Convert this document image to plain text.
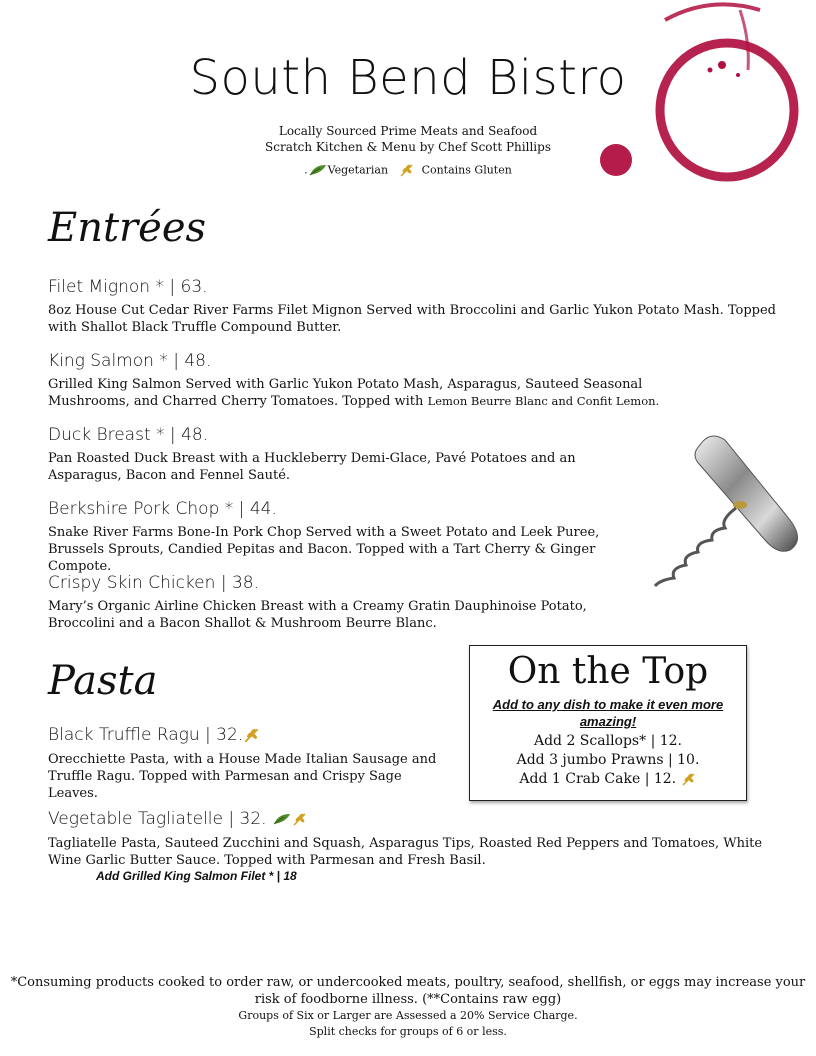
South Bend Bistro
Locally Sourced Prime Meats and Seafood
Scratch Kitchen & Menu by Chef Scott Phillips
. Vegetarian	Contains Gluten
Entrées
Filet Mignon * | 63.
8oz House Cut Cedar River Farms Filet Mignon Served with Broccolini and Garlic Yukon Potato Mash. Topped with Shallot Black Truffle Compound Butter.
King Salmon * | 48.
Grilled King Salmon Served with Garlic Yukon Potato Mash, Asparagus, Sauteed Seasonal Mushrooms, and Charred Cherry Tomatoes. Topped with Lemon Beurre Blanc and Confit Lemon.
Duck Breast * | 48.
Pan Roasted Duck Breast with a Huckleberry Demi-Glace, Pavé Potatoes and an Asparagus, Bacon and Fennel Sauté.
Berkshire Pork Chop * | 44.
Snake River Farms Bone-In Pork Chop Served with a Sweet Potato and Leek Puree, Brussels Sprouts, Candied Pepitas and Bacon. Topped with a Tart Cherry & Ginger Compote.
Crispy Skin Chicken | 38.
Mary’s Organic Airline Chicken Breast with a Creamy Gratin Dauphinoise Potato, Broccolini and a Bacon Shallot & Mushroom Beurre Blanc.
Pasta
Black Truffle Ragu | 32.
Orecchiette Pasta, with a House Made Italian Sausage and Truffle Ragu. Topped with Parmesan and Crispy Sage Leaves.
Vegetable Tagliatelle | 32.
Tagliatelle Pasta, Sauteed Zucchini and Squash, Asparagus Tips, Roasted Red Peppers and Tomatoes, White Wine Garlic Butter Sauce. Topped with Parmesan and Fresh Basil.
Add Grilled King Salmon Filet * | 18
On the Top
Add to any dish to make it even more amazing!
Add 2 Scallops* | 12.
Add 3 jumbo Prawns | 10.
Add 1 Crab Cake | 12.
*Consuming products cooked to order raw, or undercooked meats, poultry, seafood, shellfish, or eggs may increase your risk of foodborne illness. (**Contains raw egg)
Groups of Six or Larger are Assessed a 20% Service Charge.
Split checks for groups of 6 or less.
